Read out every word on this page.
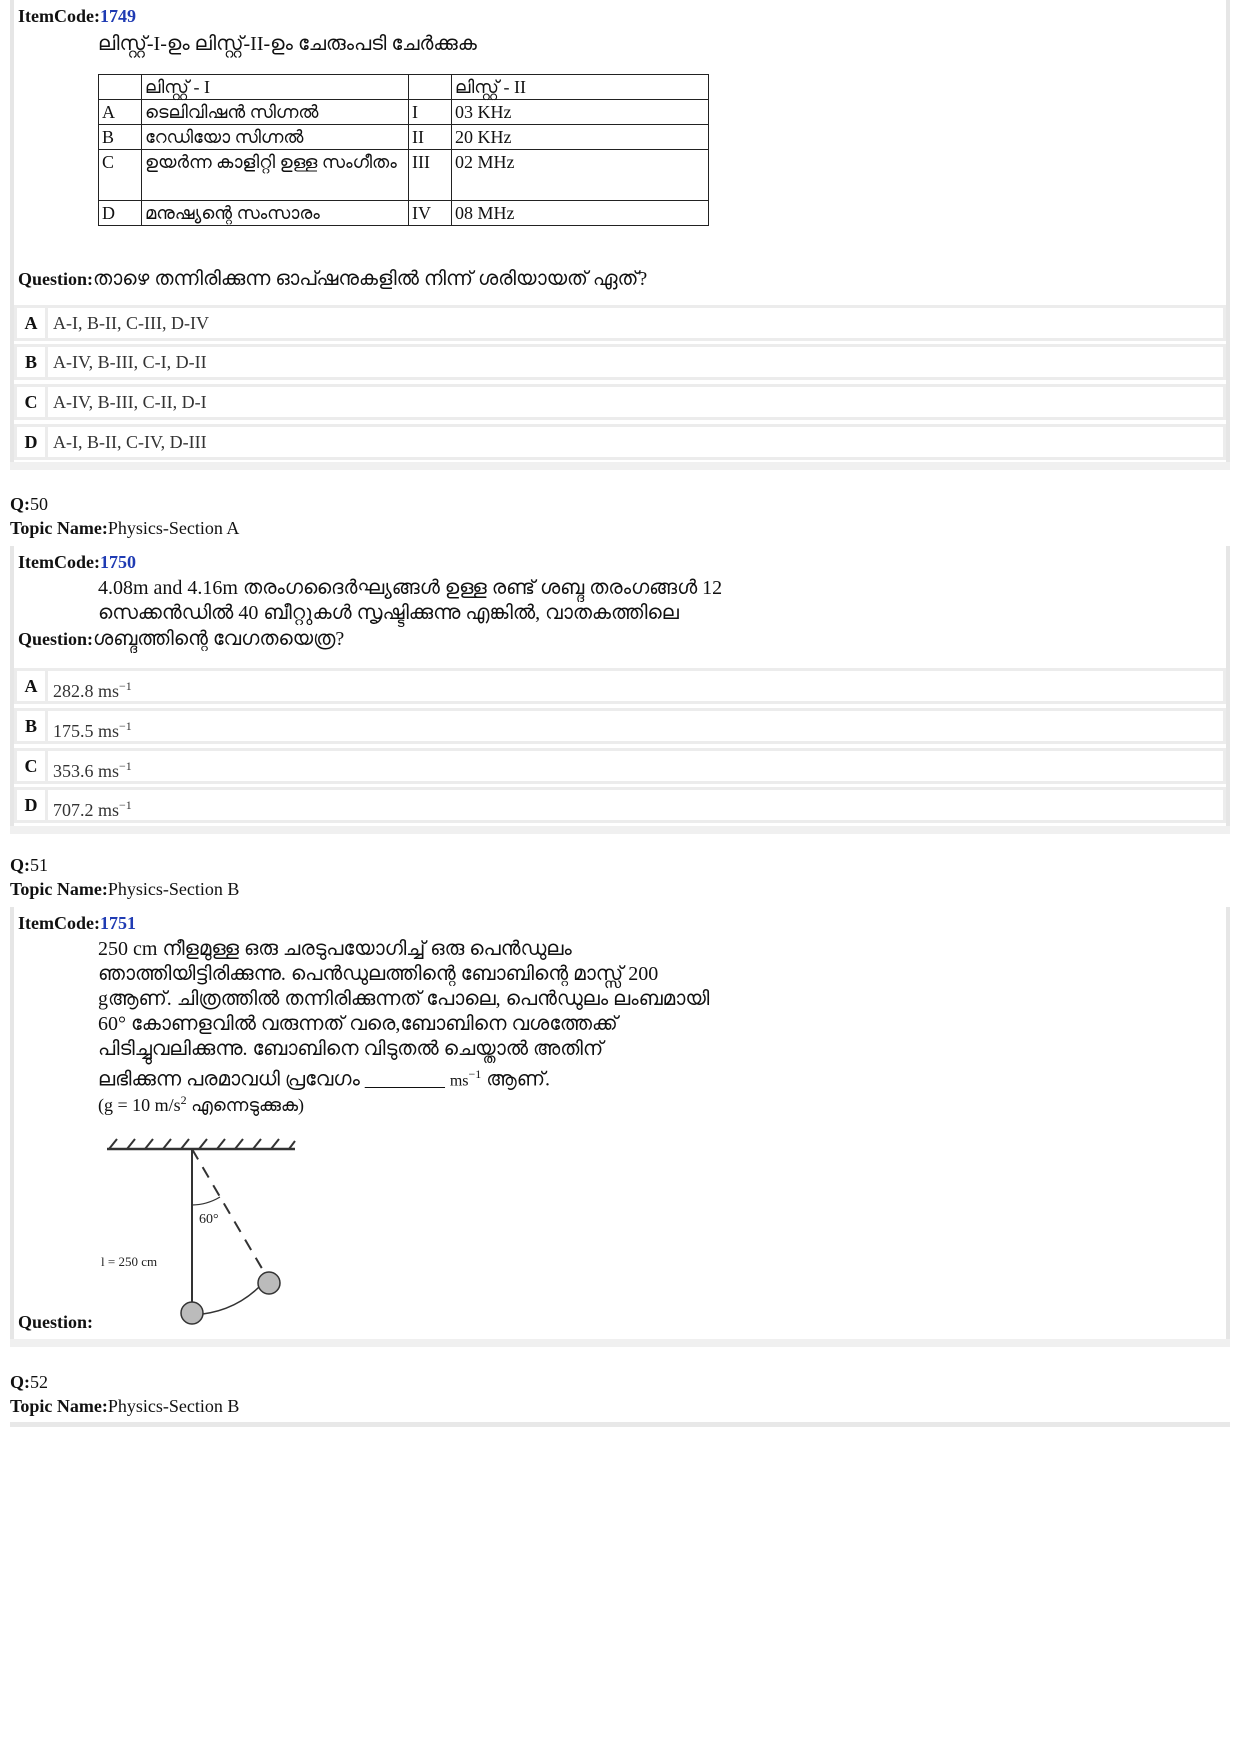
ItemCode:1749
ലിസ്റ്റ്-I-ഉം ലിസ്റ്റ്-II-ഉം ചേരുംപടി ചേർക്കുക
	ലിസ്റ്റ് - I		ലിസ്റ്റ് - II
A	ടെലിവിഷൻ സിഗ്നൽ	I	03 KHz
B	റേഡിയോ സിഗ്നൽ	II	20 KHz
C	ഉയർന്ന കാളിറ്റി ഉള്ള സംഗീതം	III	02 MHz
D	മനുഷ്യന്റെ സംസാരം	IV	08 MHz
Question:താഴെ തന്നിരിക്കുന്ന ഓപ്ഷനുകളിൽ നിന്ന് ശരിയായത് ഏത്?
A A-I, B-II, C-III, D-IV
B A-IV, B-III, C-I, D-II
C A-IV, B-III, C-II, D-I
D A-I, B-II, C-IV, D-III
Q:50
Topic Name:Physics-Section A
ItemCode:1750
4.08m and 4.16m തരംഗദൈർഘ്യങ്ങൾ ഉള്ള രണ്ട് ശബ്ദ തരംഗങ്ങൾ 12
സെക്കൻഡിൽ 40 ബീറ്റുകൾ സൃഷ്ടിക്കുന്നു എങ്കിൽ, വാതകത്തിലെ
Question:ശബ്ദത്തിന്റെ വേഗതയെത്ര?
A 282.8 $ms^{-1}$
B 175.5 $ms^{-1}$
C 353.6 $ms^{-1}$
D 707.2 $ms^{-1}$
Q:51
Topic Name:Physics-Section B
ItemCode:1751
250 cm നീളമുള്ള ഒരു ചരടുപയോഗിച്ച് ഒരു പെൻഡുലം
ഞാത്തിയിട്ടിരിക്കുന്നു. പെൻഡുലത്തിന്റെ ബോബിന്റെ മാസ്സ് 200
gആണ്. ചിത്രത്തിൽ തന്നിരിക്കുന്നത് പോലെ, പെൻഡുലം ലംബമായി
60° കോണളവിൽ വരുന്നത് വരെ,ബോബിനെ വശത്തേക്ക്
പിടിച്ചുവലിക്കുന്നു. ബോബിനെ വിടുതൽ ചെയ്താൽ അതിന്
ലഭിക്കുന്ന പരമാവധി പ്രവേഗം ________ $ms^{-1}$ ആണ്.
(g = 10 $m/s^2$ എന്നെടുക്കുക)
60°
l = 250 cm
Question:
Q:52
Topic Name:Physics-Section B
